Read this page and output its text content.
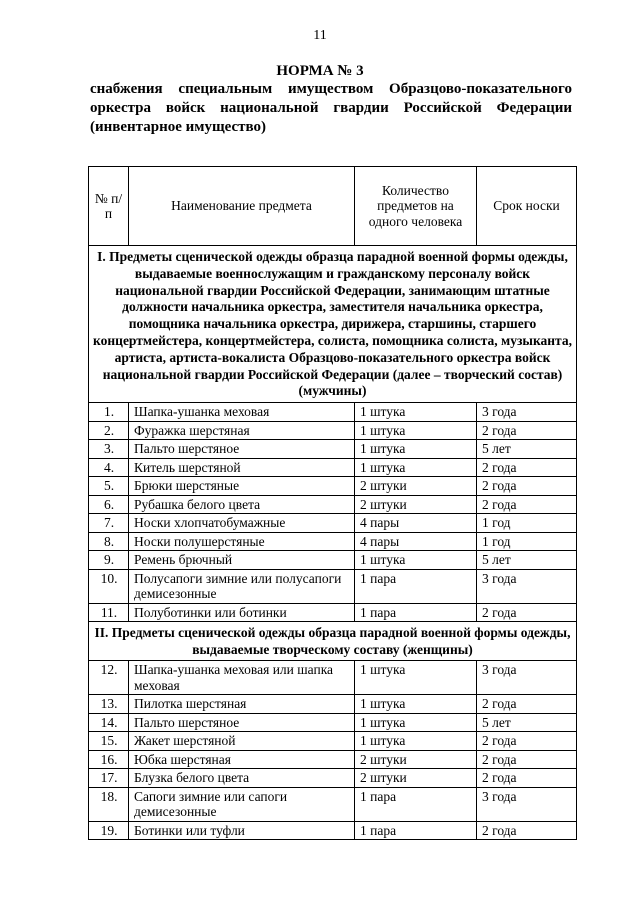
11
НОРМА № 3
снабжения специальным имуществом Образцово-показательного оркестра войск национальной гвардии Российской Федерации (инвентарное имущество)
№ п/п	Наименование предмета	Количество предметов на одного человека	Срок носки
I. Предметы сценической одежды образца парадной военной формы одежды, выдаваемые военнослужащим и гражданскому персоналу войск национальной гвардии Российской Федерации, занимающим штатные должности начальника оркестра, заместителя начальника оркестра, помощника начальника оркестра, дирижера, старшины, старшего концертмейстера, концертмейстера, солиста, помощника солиста, музыканта, артиста, артиста-вокалиста Образцово-показательного оркестра войск национальной гвардии Российской Федерации (далее – творческий состав) (мужчины)			
1.	Шапка-ушанка меховая	1 штука	3 года
2.	Фуражка шерстяная	1 штука	2 года
3.	Пальто шерстяное	1 штука	5 лет
4.	Китель шерстяной	1 штука	2 года
5.	Брюки шерстяные	2 штуки	2 года
6.	Рубашка белого цвета	2 штуки	2 года
7.	Носки хлопчатобумажные	4 пары	1 год
8.	Носки полушерстяные	4 пары	1 год
9.	Ремень брючный	1 штука	5 лет
10.	Полусапоги зимние или полусапоги демисезонные	1 пара	3 года
11.	Полуботинки или ботинки	1 пара	2 года
II. Предметы сценической одежды образца парадной военной формы одежды, выдаваемые творческому составу (женщины)			
12.	Шапка-ушанка меховая или шапка меховая	1 штука	3 года
13.	Пилотка шерстяная	1 штука	2 года
14.	Пальто шерстяное	1 штука	5 лет
15.	Жакет шерстяной	1 штука	2 года
16.	Юбка шерстяная	2 штуки	2 года
17.	Блузка белого цвета	2 штуки	2 года
18.	Сапоги зимние или сапоги демисезонные	1 пара	3 года
19.	Ботинки или туфли	1 пара	2 года
